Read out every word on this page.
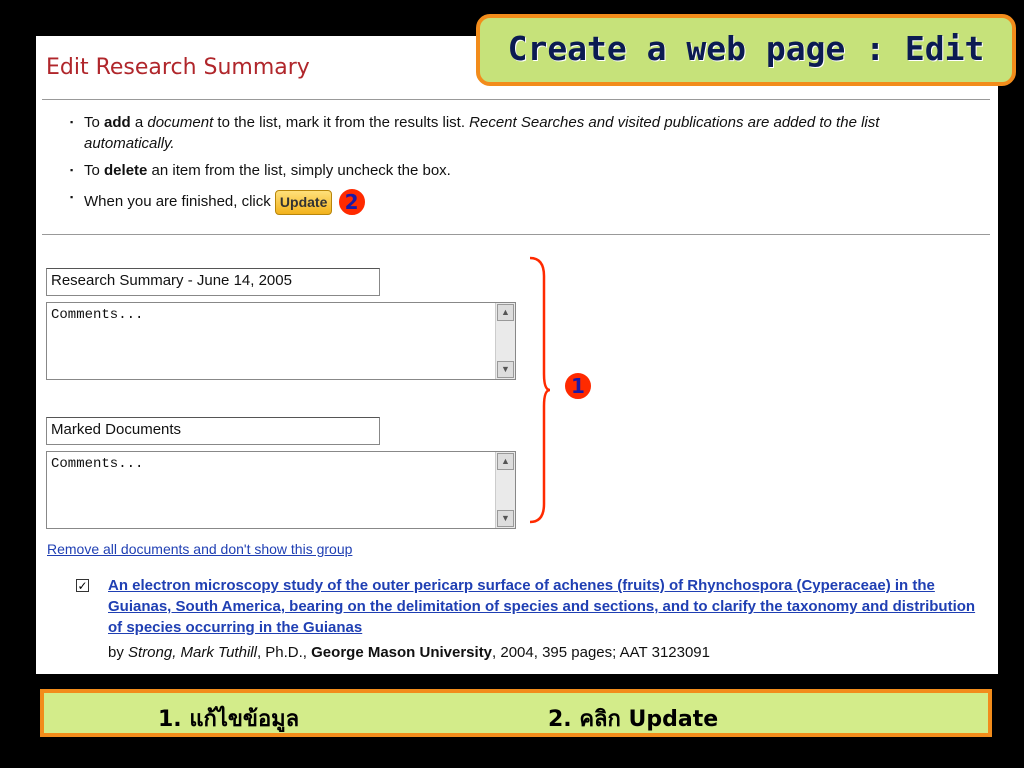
Edit Research Summary
▪ To add a document to the list, mark it from the results list. Recent Searches and visited publications are added to the list automatically.
▪ To delete an item from the list, simply uncheck the box.
▪ When you are finished, click Update 2
Research Summary - June 14, 2005
Comments...	▲
▼
Marked Documents
Comments...	▲
▼
Remove all documents and don't show this group
✓ An electron microscopy study of the outer pericarp surface of achenes (fruits) of Rhynchospora (Cyperaceae) in the Guianas, South America, bearing on the delimitation of species and sections, and to clarify the taxonomy and distribution of species occurring in the Guianas
by Strong, Mark Tuthill, Ph.D., George Mason University, 2004, 395 pages; AAT 3123091
1
Create a web page : Edit
1. แก้ไขข้อมูล	2. คลิก Update
